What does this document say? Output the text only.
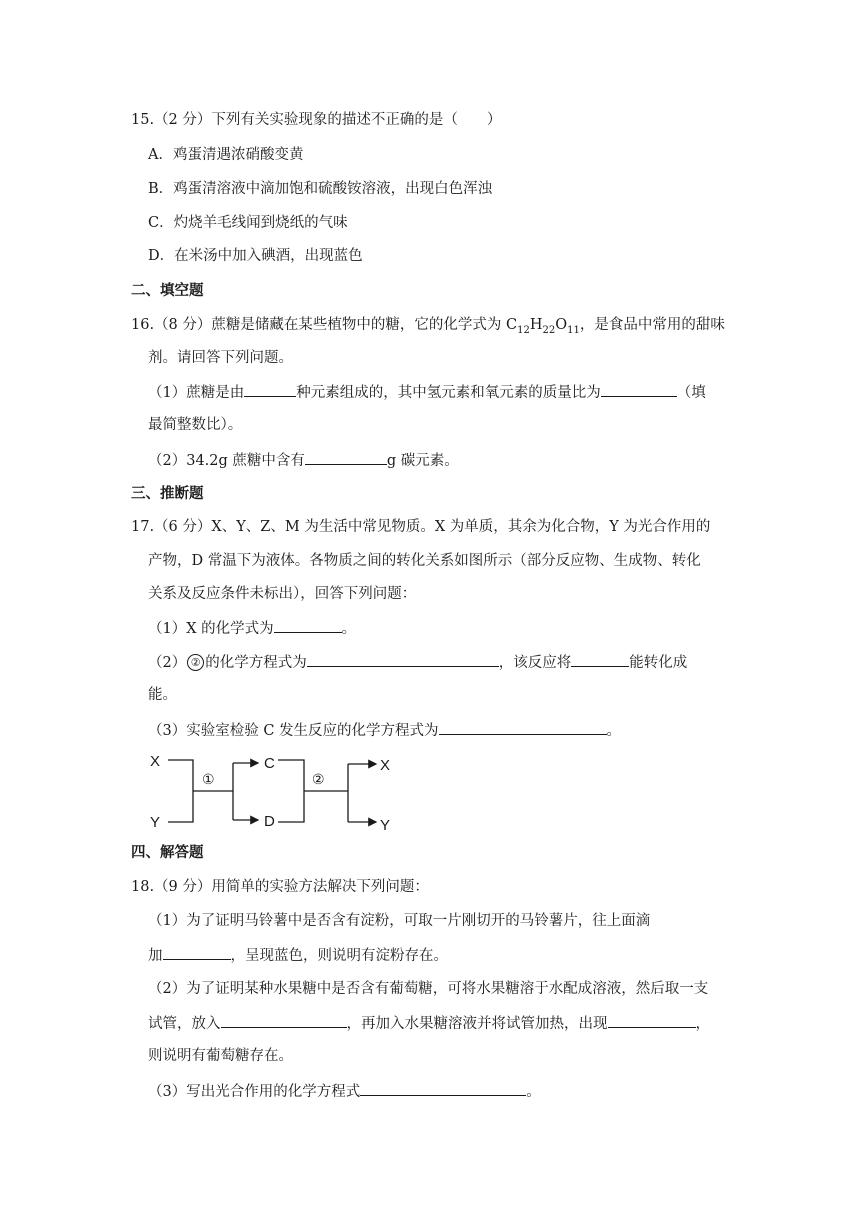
15.（2 分）下列有关实验现象的描述不正确的是（　　）
A．鸡蛋清遇浓硝酸变黄
B．鸡蛋清溶液中滴加饱和硫酸铵溶液，出现白色浑浊
C．灼烧羊毛线闻到烧纸的气味
D．在米汤中加入碘酒，出现蓝色
二、填空题
16.（8 分）蔗糖是储藏在某些植物中的糖，它的化学式为 $C_{12}H_{22}O_{11}$，是食品中常用的甜味
剂。请回答下列问题。
（1）蔗糖是由	种元素组成的，其中氢元素和氧元素的质量比为	（填
最简整数比）。
（2）34.2g 蔗糖中含有	g 碳元素。
三、推断题
17.（6 分）X、Y、Z、M 为生活中常见物质。X 为单质，其余为化合物，Y 为光合作用的
产物，D 常温下为液体。各物质之间的转化关系如图所示（部分反应物、生成物、转化
关系及反应条件未标出），回答下列问题：
（1）X 的化学式为	。
（2） ② 的化学方程式为	，该反应将	能转化成
能。
（3）实验室检验 C 发生反应的化学方程式为	。
X
Y
①	②
C
D
X
Y
四、解答题
18.（9 分）用简单的实验方法解决下列问题：
（1）为了证明马铃薯中是否含有淀粉，可取一片刚切开的马铃薯片，往上面滴
加	，呈现蓝色，则说明有淀粉存在。
（2）为了证明某种水果糖中是否含有葡萄糖，可将水果糖溶于水配成溶液，然后取一支
试管，放入	，再加入水果糖溶液并将试管加热，出现	，
则说明有葡萄糖存在。
（3）写出光合作用的化学方程式	。
